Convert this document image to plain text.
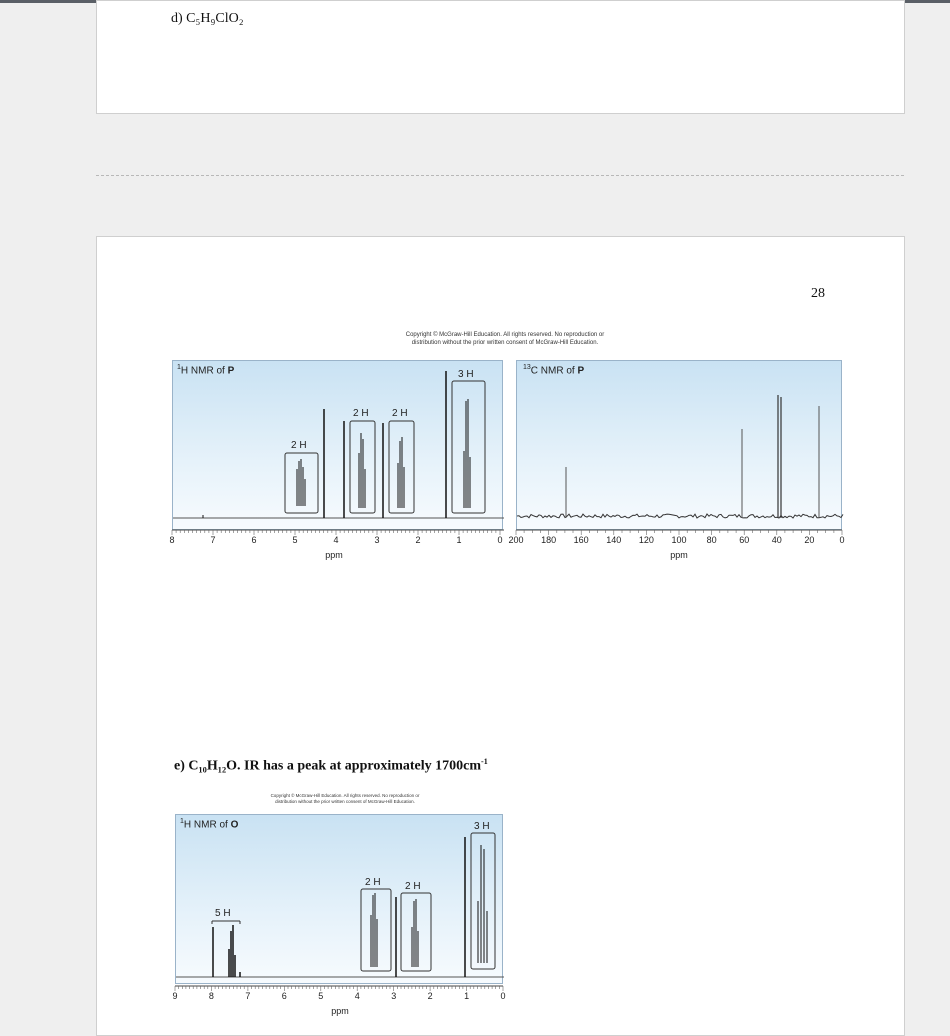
d) C₅H₉ClO₂
28
Copyright © McGraw-Hill Education. All rights reserved. No reproduction or
distribution without the prior written consent of McGraw-Hill Education.
$^1$H NMR of P
2 H
2 H 2 H
3 H
8	7	6	5	4	3	2	1	0
ppm
$^{13}$C NMR of P
200 180 160 140 120 100 80	60	40	20	0
ppm
e) C₁₀H₁₂O. IR has a peak at approximately $1700cm^{-1}$
Copyright © McGraw-Hill Education. All rights reserved. No reproduction or
distribution without the prior written consent of McGraw-Hill Education.
$^1$H NMR of O
5 H
2 H 2 H
3 H
9	8	7	6	5	4	3	2	1	0
ppm
